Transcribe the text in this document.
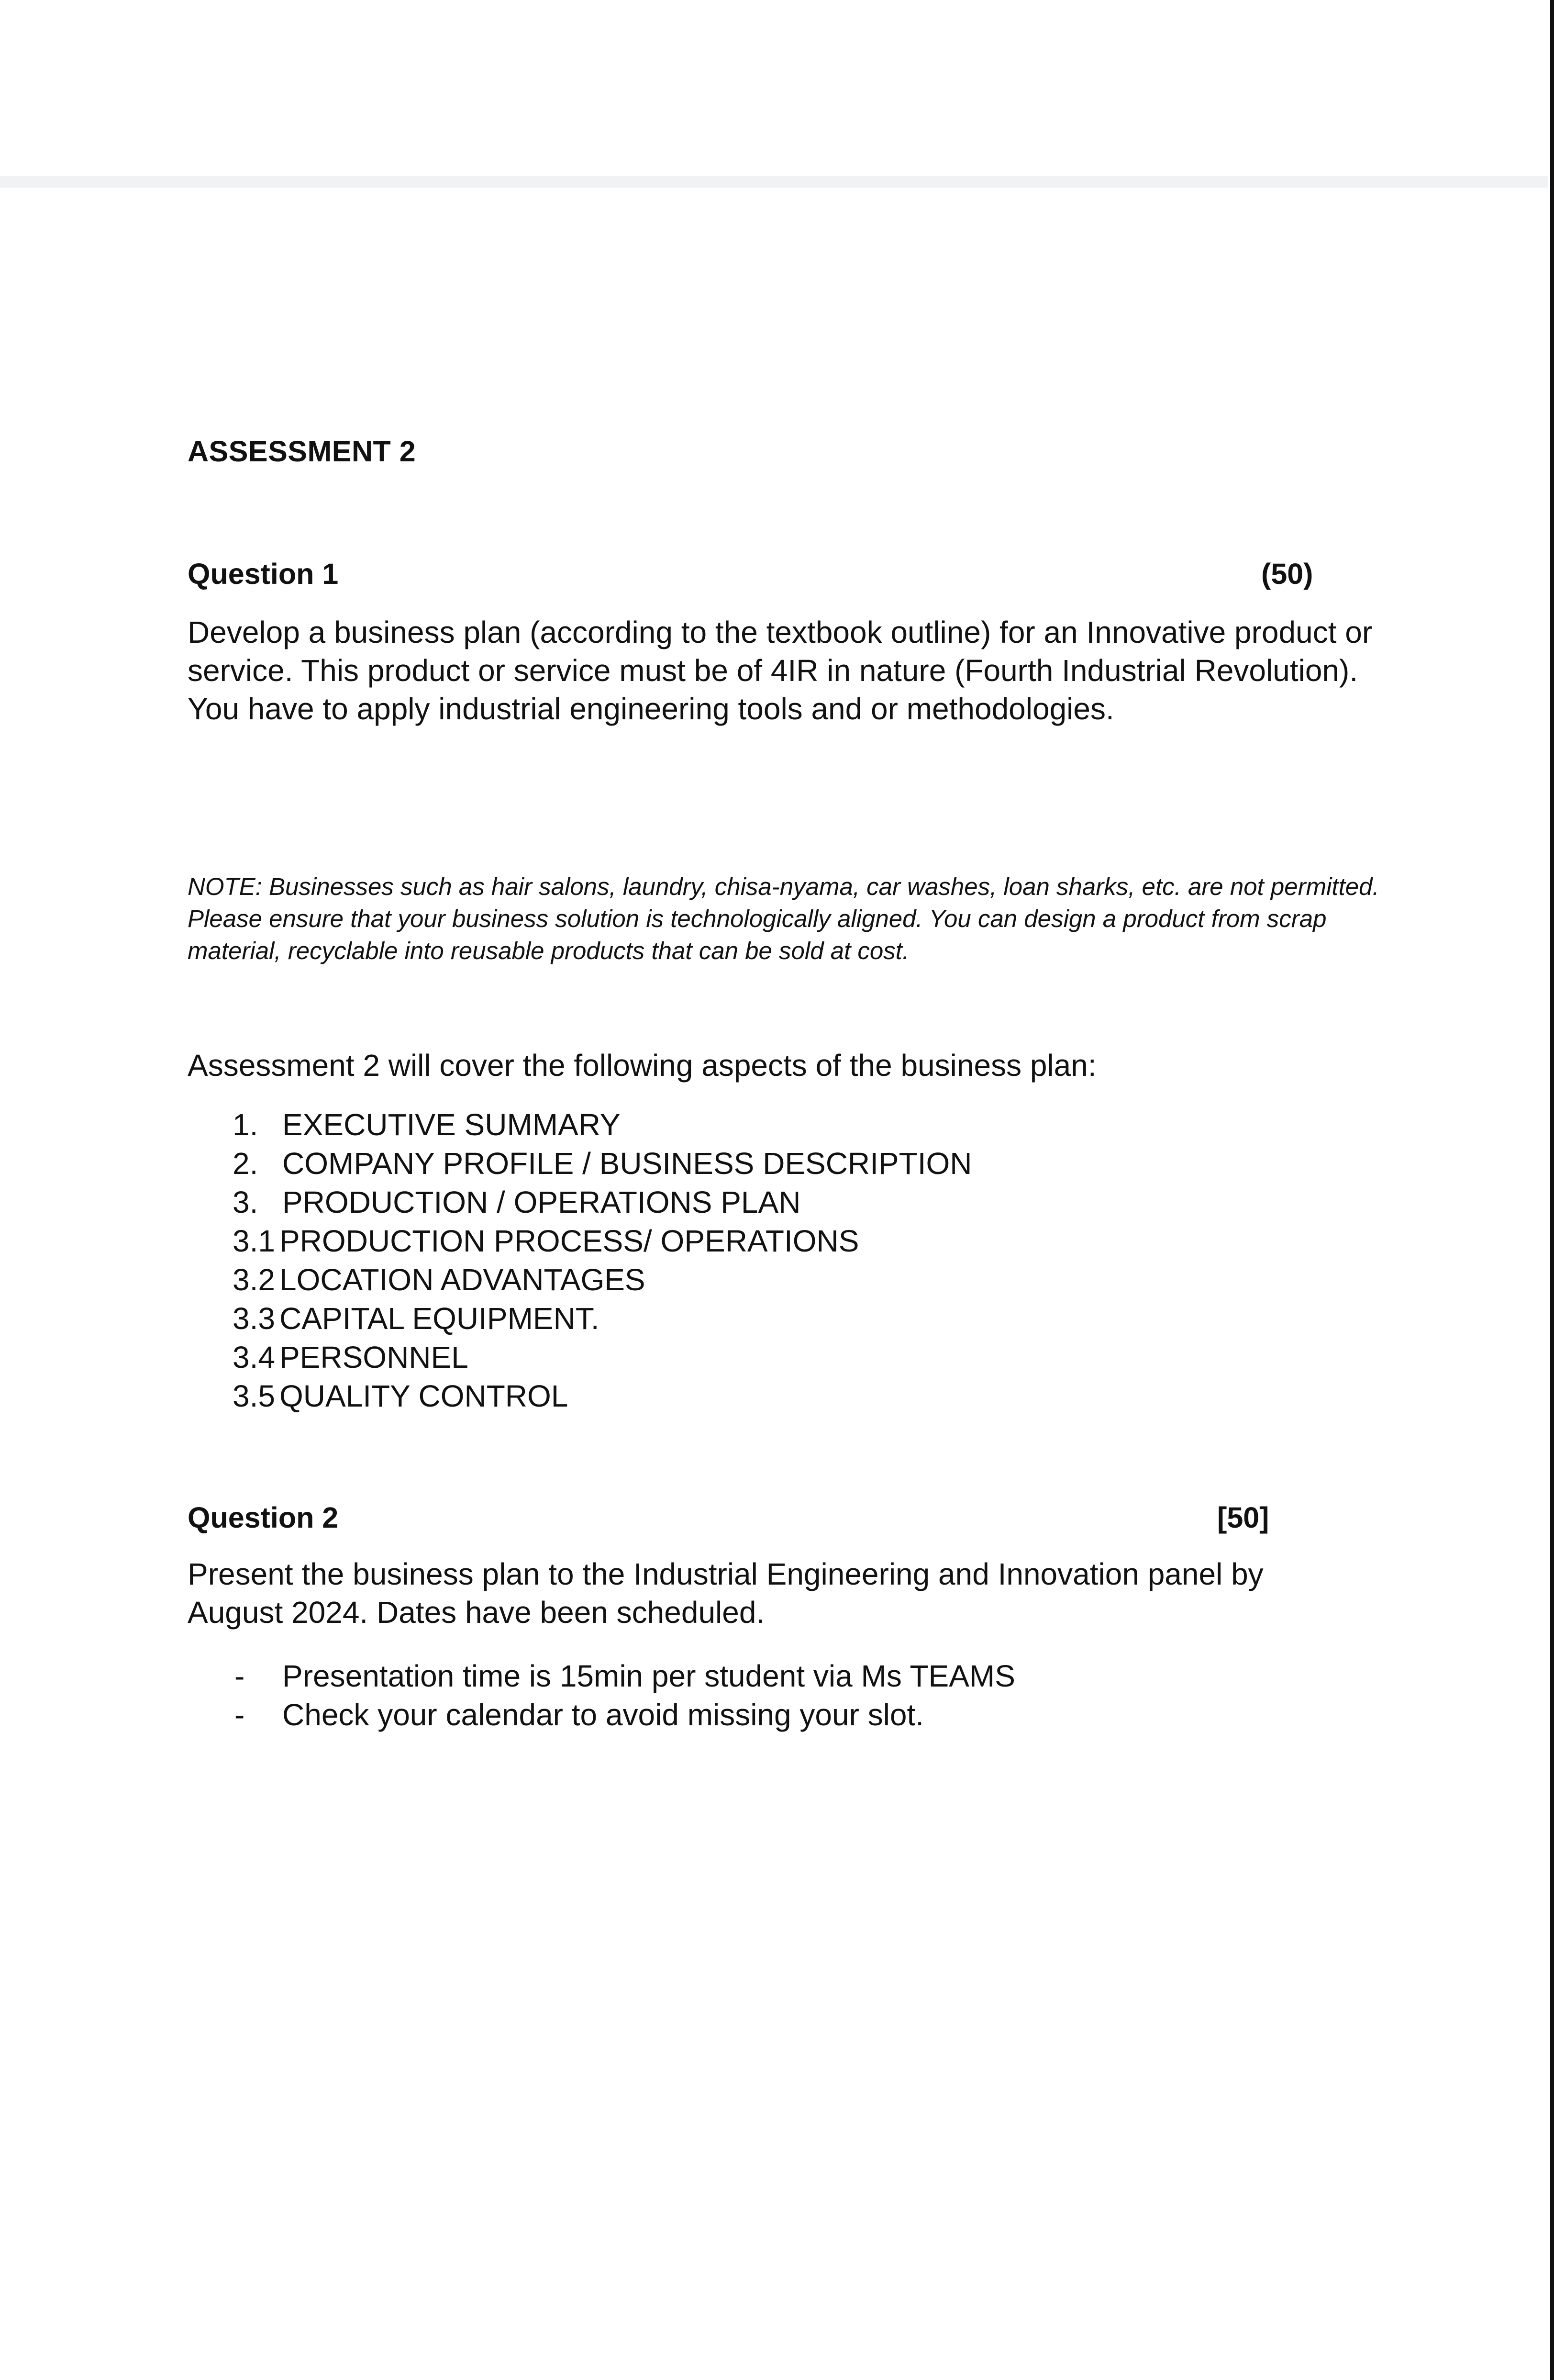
ASSESSMENT 2
Question 1	(50)

Develop a business plan (according to the textbook outline) for an Innovative product or service. This product or service must be of 4IR in nature (Fourth Industrial Revolution). You have to apply industrial engineering tools and or methodologies.

NOTE: Businesses such as hair salons, laundry, chisa-nyama, car washes, loan sharks, etc. are not permitted. Please ensure that your business solution is technologically aligned. You can design a product from scrap material, recyclable into reusable products that can be sold at cost.

Assessment 2 will cover the following aspects of the business plan:

1. EXECUTIVE SUMMARY
2. COMPANY PROFILE / BUSINESS DESCRIPTION
3. PRODUCTION / OPERATIONS PLAN
3.1 PRODUCTION PROCESS/ OPERATIONS
3.2 LOCATION ADVANTAGES
3.3 CAPITAL EQUIPMENT.
3.4 PERSONNEL
3.5 QUALITY CONTROL
Question 2	[50]

Present the business plan to the Industrial Engineering and Innovation panel by August 2024. Dates have been scheduled.

-	Presentation time is 15min per student via Ms TEAMS
-	Check your calendar to avoid missing your slot.
